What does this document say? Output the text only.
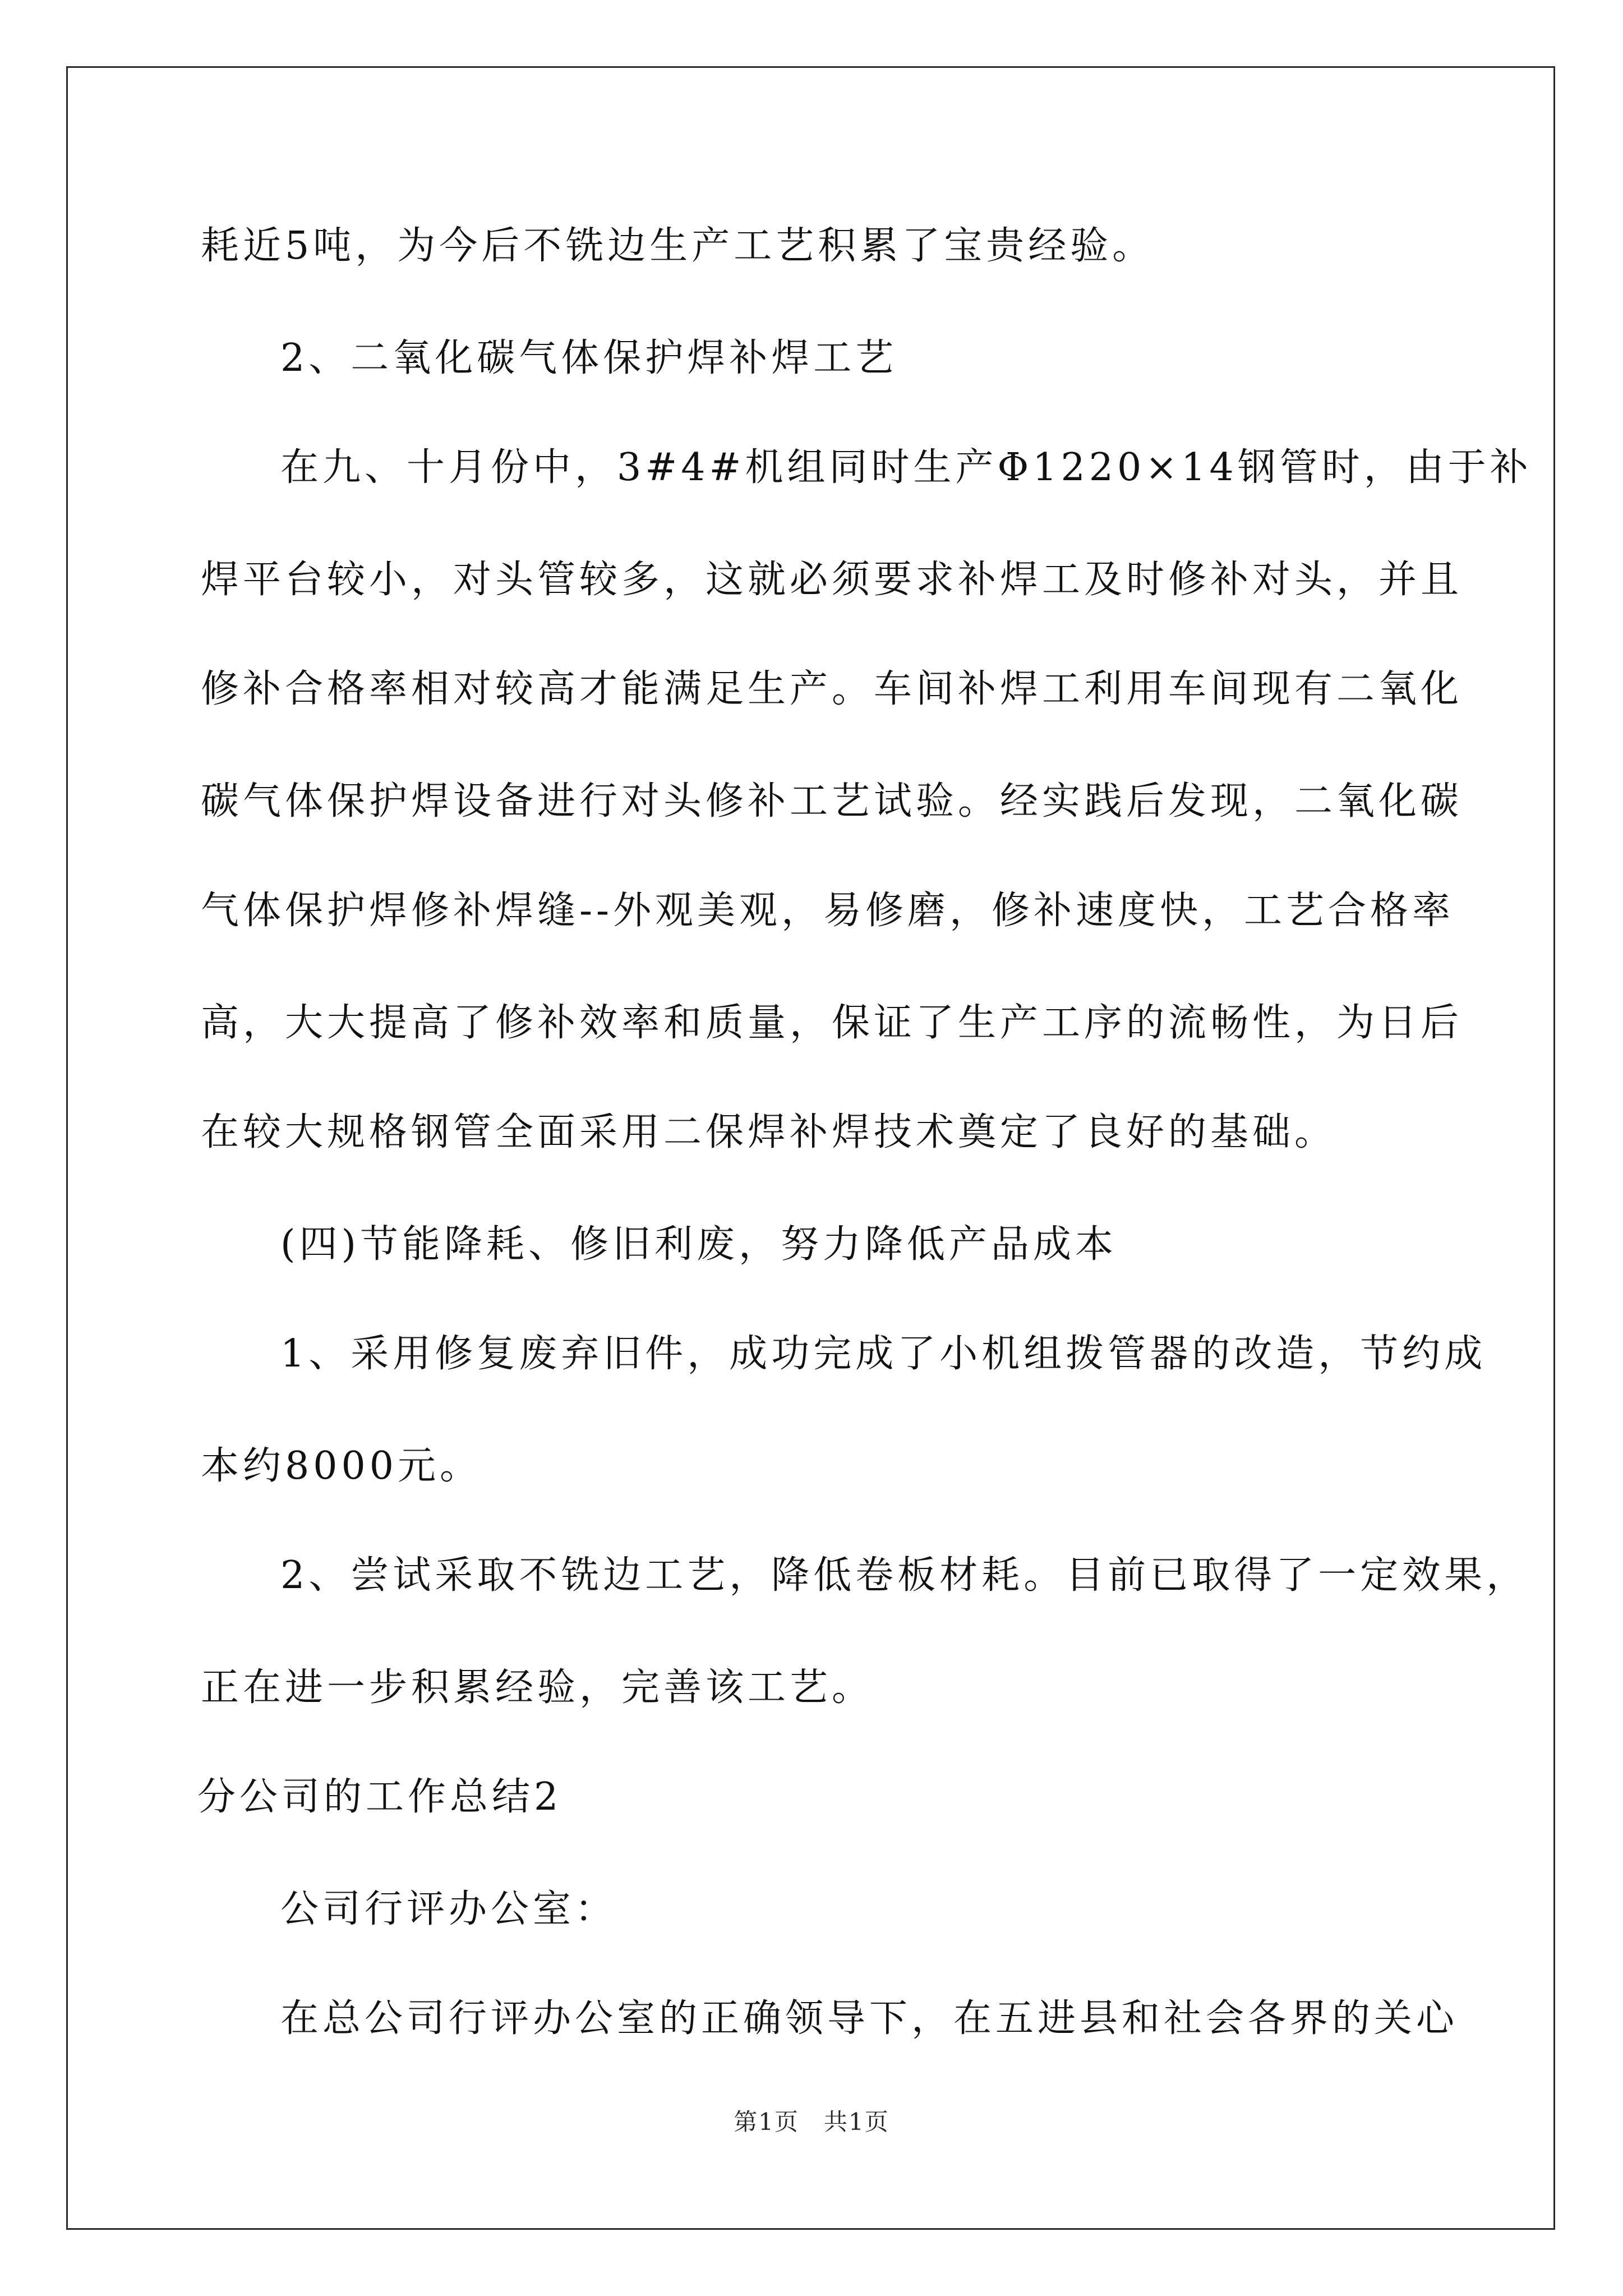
耗近5吨，为今后不铣边生产工艺积累了宝贵经验。
2、二氧化碳气体保护焊补焊工艺
在九、十月份中，3#4#机组同时生产Φ1220×14钢管时，由于补
焊平台较小，对头管较多，这就必须要求补焊工及时修补对头，并且
修补合格率相对较高才能满足生产。车间补焊工利用车间现有二氧化
碳气体保护焊设备进行对头修补工艺试验。经实践后发现，二氧化碳
气体保护焊修补焊缝--外观美观，易修磨，修补速度快，工艺合格率
高，大大提高了修补效率和质量，保证了生产工序的流畅性，为日后
在较大规格钢管全面采用二保焊补焊技术奠定了良好的基础。
(四)节能降耗、修旧利废，努力降低产品成本
1、采用修复废弃旧件，成功完成了小机组拨管器的改造，节约成
本约8000元。
2、尝试采取不铣边工艺，降低卷板材耗。目前已取得了一定效果，
正在进一步积累经验，完善该工艺。
分公司的工作总结2
公司行评办公室：
在总公司行评办公室的正确领导下，在五进县和社会各界的关心
第1页　共1页
